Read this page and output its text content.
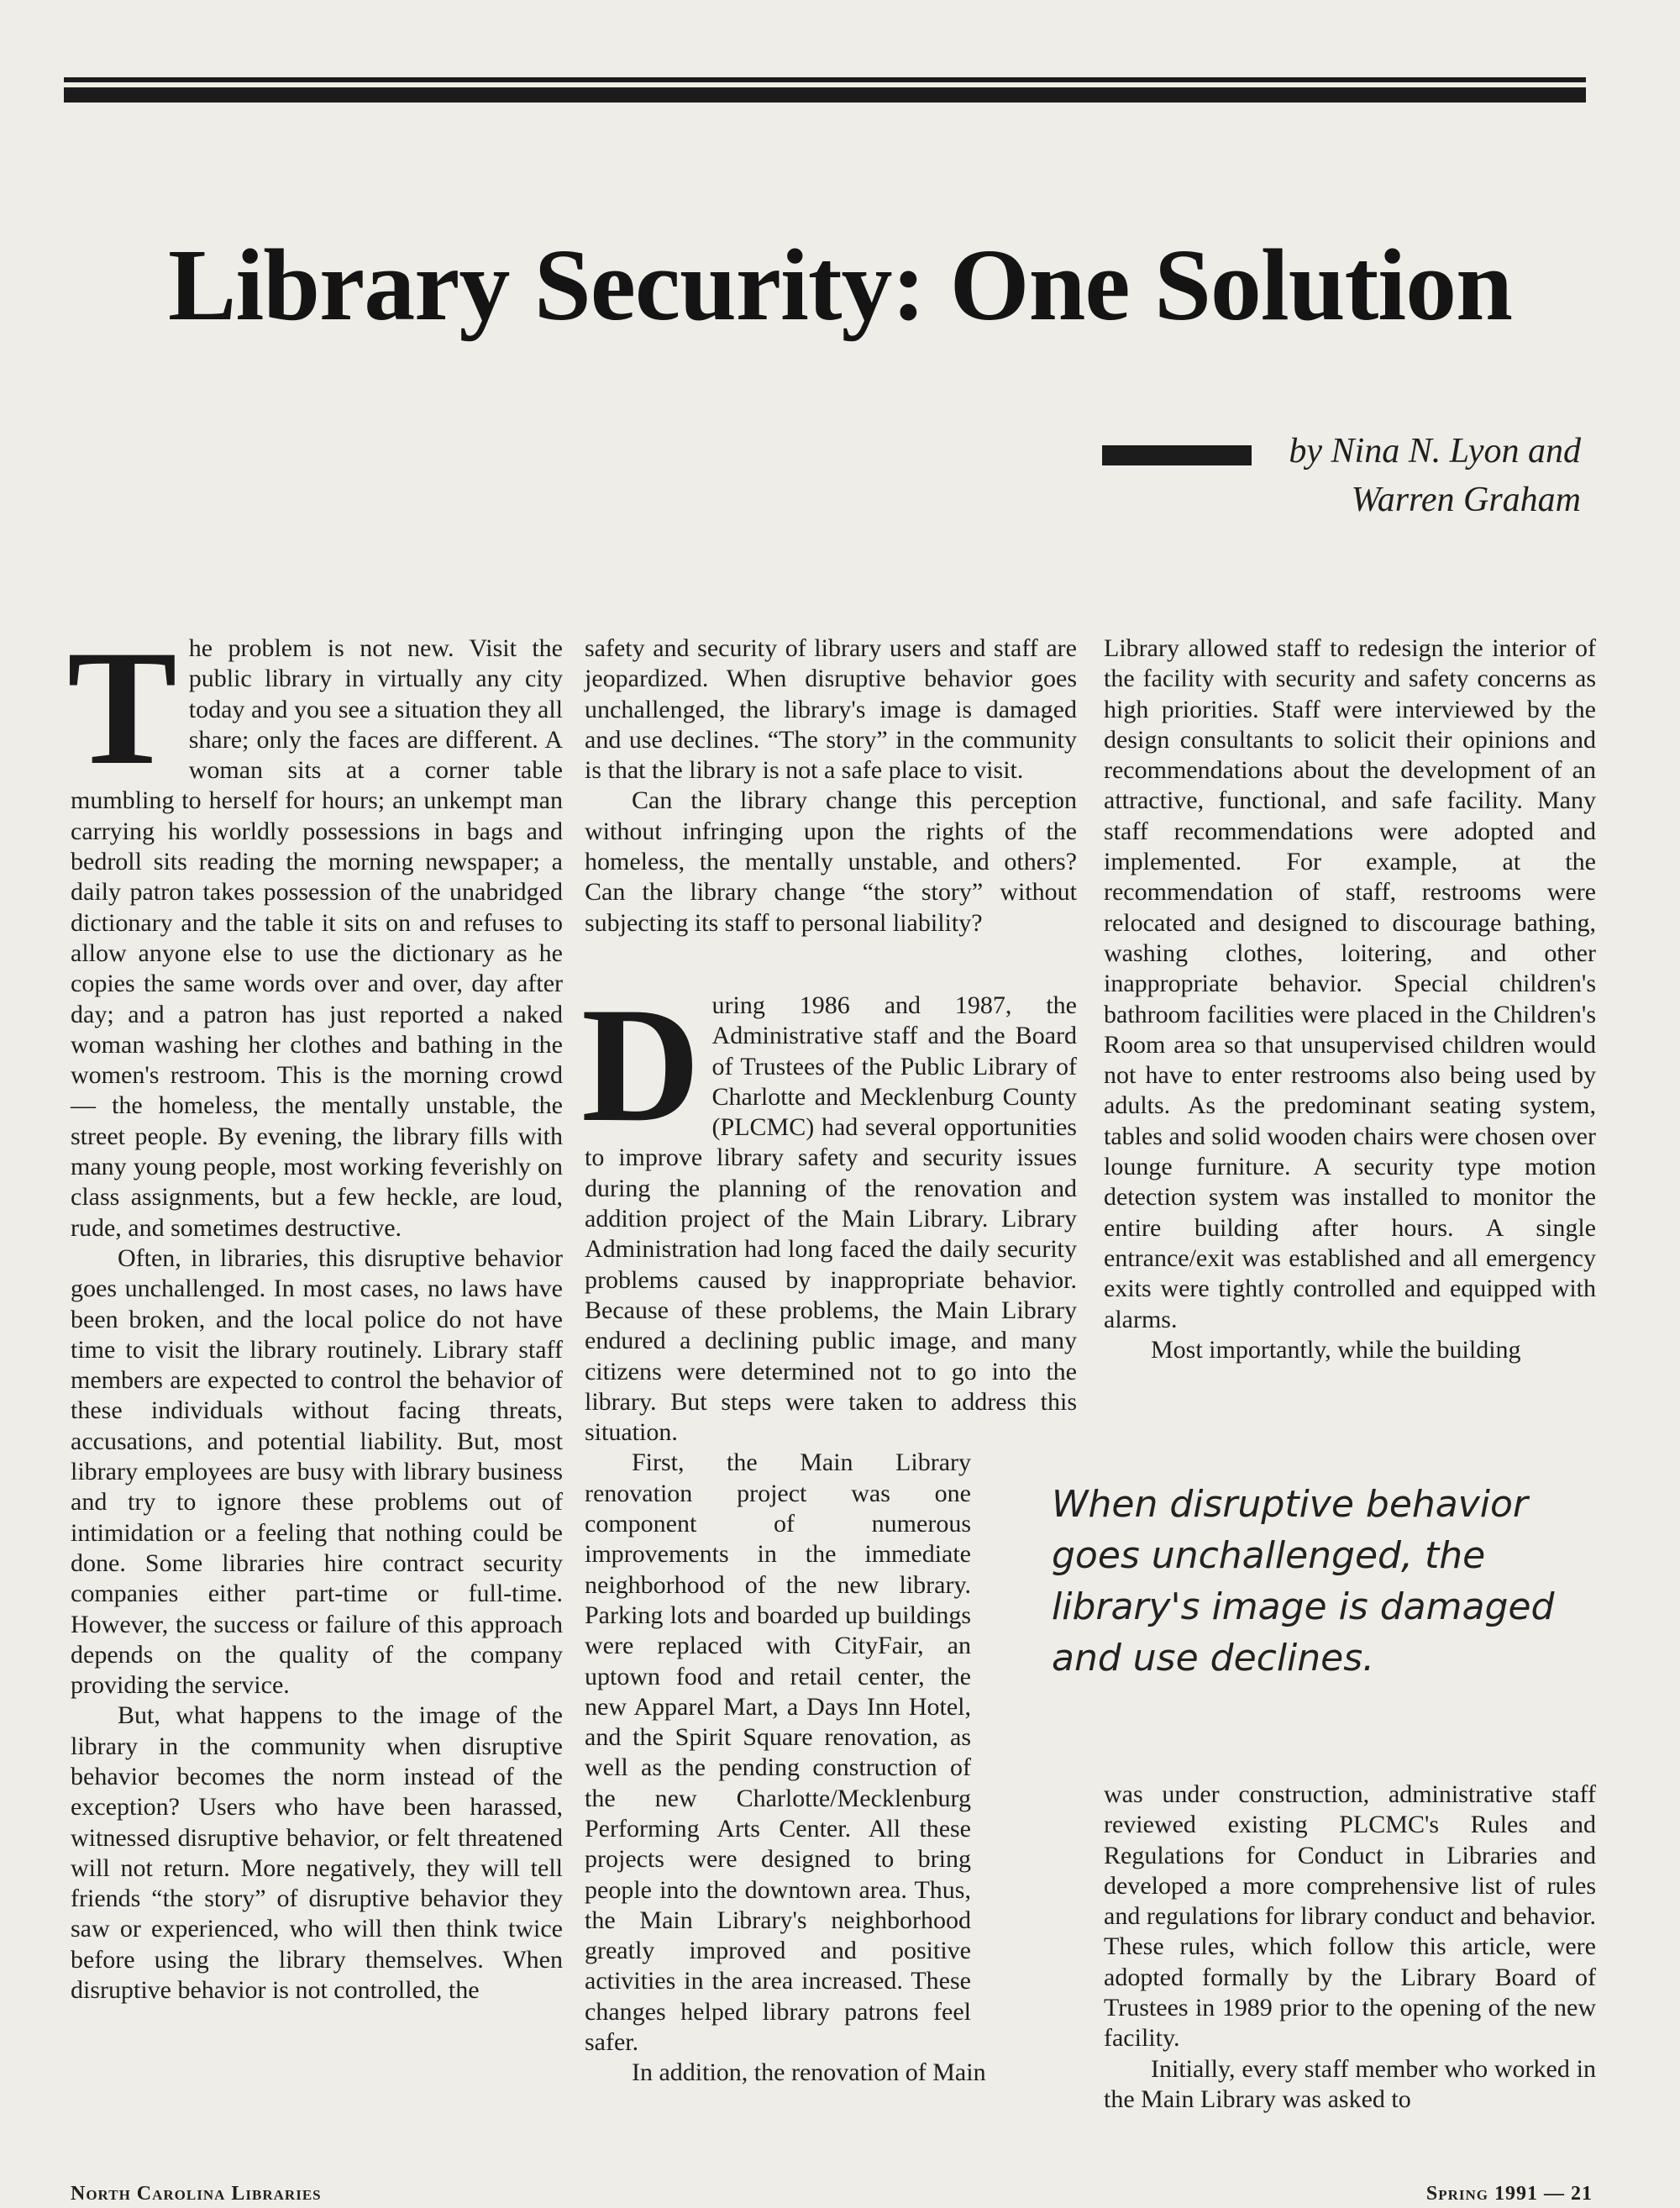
Library Security: One Solution
by Nina N. Lyon and
Warren Graham
T he problem is not new. Visit the public library in virtually any city today and you see a situation they all share; only the faces are different. A woman sits at a corner table mumbling to herself for hours; an unkempt man carrying his worldly possessions in bags and bedroll sits reading the morning newspaper; a daily patron takes possession of the unabridged dictionary and the table it sits on and refuses to allow anyone else to use the dictionary as he copies the same words over and over, day after day; and a patron has just reported a naked woman washing her clothes and bathing in the women's restroom. This is the morning crowd — the homeless, the mentally unstable, the street people. By evening, the library fills with many young people, most working feverishly on class assignments, but a few heckle, are loud, rude, and sometimes destructive.

Often, in libraries, this disruptive behavior goes unchallenged. In most cases, no laws have been broken, and the local police do not have time to visit the library routinely. Library staff members are expected to control the behavior of these individuals without facing threats, accusations, and potential liability. But, most library employees are busy with library business and try to ignore these problems out of intimidation or a feeling that nothing could be done. Some libraries hire contract security companies either part-time or full-time. However, the success or failure of this approach depends on the quality of the company providing the service.

But, what happens to the image of the library in the community when disruptive behavior becomes the norm instead of the exception? Users who have been harassed, witnessed disruptive behavior, or felt threatened will not return. More negatively, they will tell friends “the story” of disruptive behavior they saw or experienced, who will then think twice before using the library themselves. When disruptive behavior is not controlled, the

safety and security of library users and staff are jeopardized. When disruptive behavior goes unchallenged, the library's image is damaged and use declines. “The story” in the community is that the library is not a safe place to visit.

Can the library change this perception without infringing upon the rights of the homeless, the mentally unstable, and others? Can the library change “the story” without subjecting its staff to personal liability?

D uring 1986 and 1987, the Administrative staff and the Board of Trustees of the Public Library of Charlotte and Mecklenburg County (PLCMC) had several opportunities to improve library safety and security issues during the planning of the renovation and addition project of the Main Library. Library Administration had long faced the daily security problems caused by inappropriate behavior. Because of these problems, the Main Library endured a declining public image, and many citizens were determined not to go into the library. But steps were taken to address this situation.

First, the Main Library renovation project was one component of numerous improvements in the immediate neighborhood of the new library. Parking lots and boarded up buildings were replaced with CityFair, an uptown food and retail center, the new Apparel Mart, a Days Inn Hotel, and the Spirit Square renovation, as well as the pending construction of the new Charlotte/Mecklenburg Performing Arts Center. All these projects were designed to bring people into the downtown area. Thus, the Main Library's neighborhood greatly improved and positive activities in the area increased. These changes helped library patrons feel safer.

In addition, the renovation of Main

Library allowed staff to redesign the interior of the facility with security and safety concerns as high priorities. Staff were interviewed by the design consultants to solicit their opinions and recommendations about the development of an attractive, functional, and safe facility. Many staff recommendations were adopted and implemented. For example, at the recommendation of staff, restrooms were relocated and designed to discourage bathing, washing clothes, loitering, and other inappropriate behavior. Special children's bathroom facilities were placed in the Children's Room area so that unsupervised children would not have to enter restrooms also being used by adults. As the predominant seating system, tables and solid wooden chairs were chosen over lounge furniture. A security type motion detection system was installed to monitor the entire building after hours. A single entrance/exit was established and all emergency exits were tightly controlled and equipped with alarms.

Most importantly, while the building

When disruptive behavior goes unchallenged, the library's image is damaged and use declines.

was under construction, administrative staff reviewed existing PLCMC's Rules and Regulations for Conduct in Libraries and developed a more comprehensive list of rules and regulations for library conduct and behavior. These rules, which follow this article, were adopted formally by the Library Board of Trustees in 1989 prior to the opening of the new facility.

Initially, every staff member who worked in the Main Library was asked to

North Carolina Libraries	Spring 1991 — 21
